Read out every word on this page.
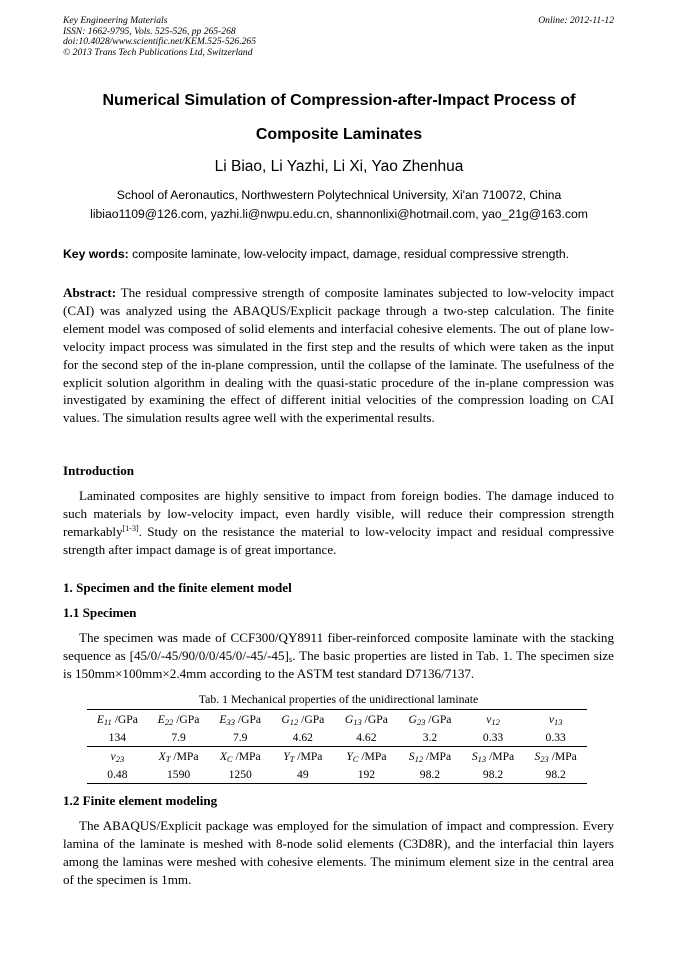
Key Engineering Materials
ISSN: 1662-9795, Vols. 525-526, pp 265-268
doi:10.4028/www.scientific.net/KEM.525-526.265
© 2013 Trans Tech Publications Ltd, Switzerland
Online: 2012-11-12
Numerical Simulation of Compression-after-Impact Process of
Composite Laminates
Li Biao, Li Yazhi, Li Xi, Yao Zhenhua
School of Aeronautics, Northwestern Polytechnical University, Xi'an 710072, China
libiao1109@126.com, yazhi.li@nwpu.edu.cn, shannonlixi@hotmail.com, yao_21g@163.com
Key words: composite laminate, low-velocity impact, damage, residual compressive strength.

Abstract: The residual compressive strength of composite laminates subjected to low-velocity impact (CAI) was analyzed using the ABAQUS/Explicit package through a two-step calculation. The finite element model was composed of solid elements and interfacial cohesive elements. The out of plane low-velocity impact process was simulated in the first step and the results of which were taken as the input for the second step of the in-plane compression, until the collapse of the laminate. The usefulness of the explicit solution algorithm in dealing with the quasi-static procedure of the in-plane compression was investigated by examining the effect of different initial velocities of the compression loading on CAI values. The simulation results agree well with the experimental results.

Introduction

Laminated composites are highly sensitive to impact from foreign bodies. The damage induced to such materials by low-velocity impact, even hardly visible, will reduce their compression strength remarkably[1-3]. Study on the resistance the material to low-velocity impact and residual compressive strength after impact damage is of great importance.

1. Specimen and the finite element model
1.1 Specimen

The specimen was made of CCF300/QY8911 fiber-reinforced composite laminate with the stacking sequence as $[45/0/-45/90/0/0/45/0/-45/-45]_s$. The basic properties are listed in Tab. 1. The specimen size is 150mm×100mm×2.4mm according to the ASTM test standard D7136/7137.

Tab. 1 Mechanical properties of the unidirectional laminate
$E_{11}$ /GPa	$E_{22}$ /GPa	$E_{33}$ /GPa	$G_{12}$ /GPa	$G_{13}$ /GPa	$G_{23}$ /GPa	$\nu_{12}$	$\nu_{13}$
134	7.9	7.9	4.62	4.62	3.2	0.33	0.33
$\nu_{23}$	$X_T$ /MPa	$X_C$ /MPa	$Y_T$ /MPa	$Y_C$ /MPa	$S_{12}$ /MPa	$S_{13}$ /MPa	$S_{23}$ /MPa
0.48	1590	1250	49	192	98.2	98.2	98.2
1.2 Finite element modeling

The ABAQUS/Explicit package was employed for the simulation of impact and compression. Every lamina of the laminate is meshed with 8-node solid elements (C3D8R), and the interfacial thin layers among the laminas were meshed with cohesive elements. The minimum element size in the central area of the specimen is 1mm.
